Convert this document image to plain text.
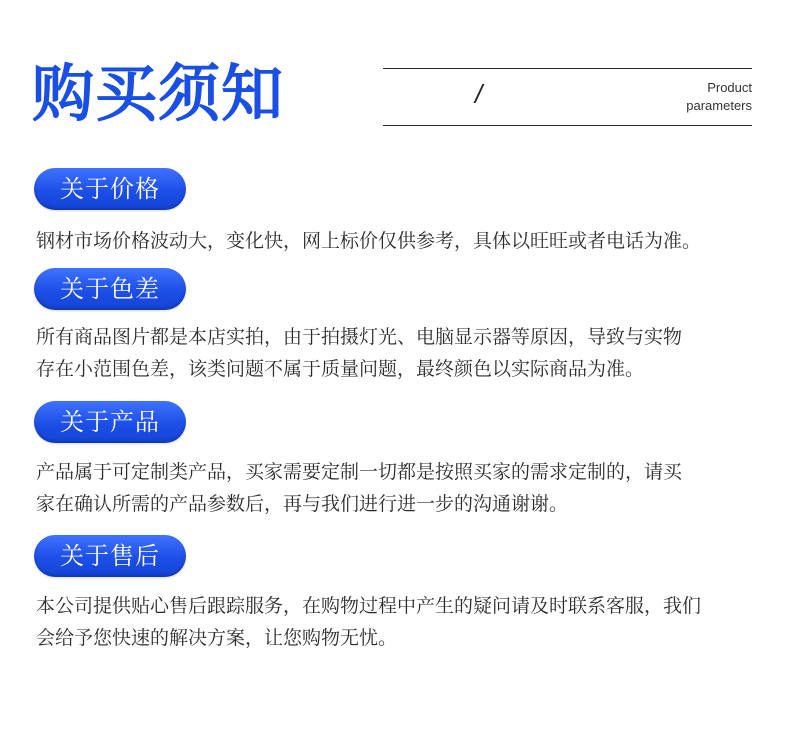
购买须知	/	Product
parameters
关于价格
钢材市场价格波动大，变化快，网上标价仅供参考，具体以旺旺或者电话为准。
关于色差
所有商品图片都是本店实拍，由于拍摄灯光、电脑显示器等原因，导致与实物
存在小范围色差，该类问题不属于质量问题，最终颜色以实际商品为准。
关于产品
产品属于可定制类产品，买家需要定制一切都是按照买家的需求定制的，请买
家在确认所需的产品参数后，再与我们进行进一步的沟通谢谢。
关于售后
本公司提供贴心售后跟踪服务，在购物过程中产生的疑问请及时联系客服，我们
会给予您快速的解决方案，让您购物无忧。
